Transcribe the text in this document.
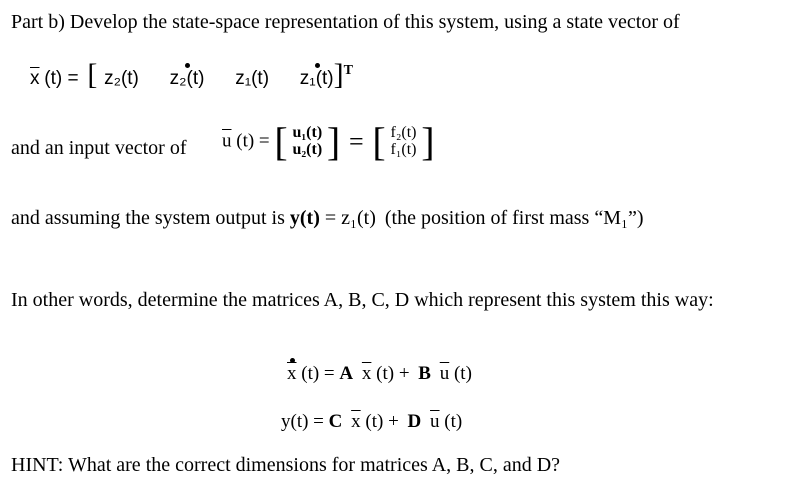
Part b) Develop the state-space representation of this system, using a state vector of
$\overline{x}$ (t) = [ z₂(t) z₂(t) z₁(t) z₁(t)]$^T$
and an input vector of $\overline{u}$ (t) = [ u₁(t)
u₂(t) ] = [ f₂(t)
f₁(t) ]
and assuming the system output is y(t) = z₁(t) (the position of first mass “M₁”)
In other words, determine the matrices A, B, C, D which represent this system this way:
$\overline{x}$ (t) = A $\overline{x}$ (t) + B $\overline{u}$ (t)
y(t) = C $\overline{x}$ (t) + D $\overline{u}$ (t)
HINT: What are the correct dimensions for matrices A, B, C, and D?
